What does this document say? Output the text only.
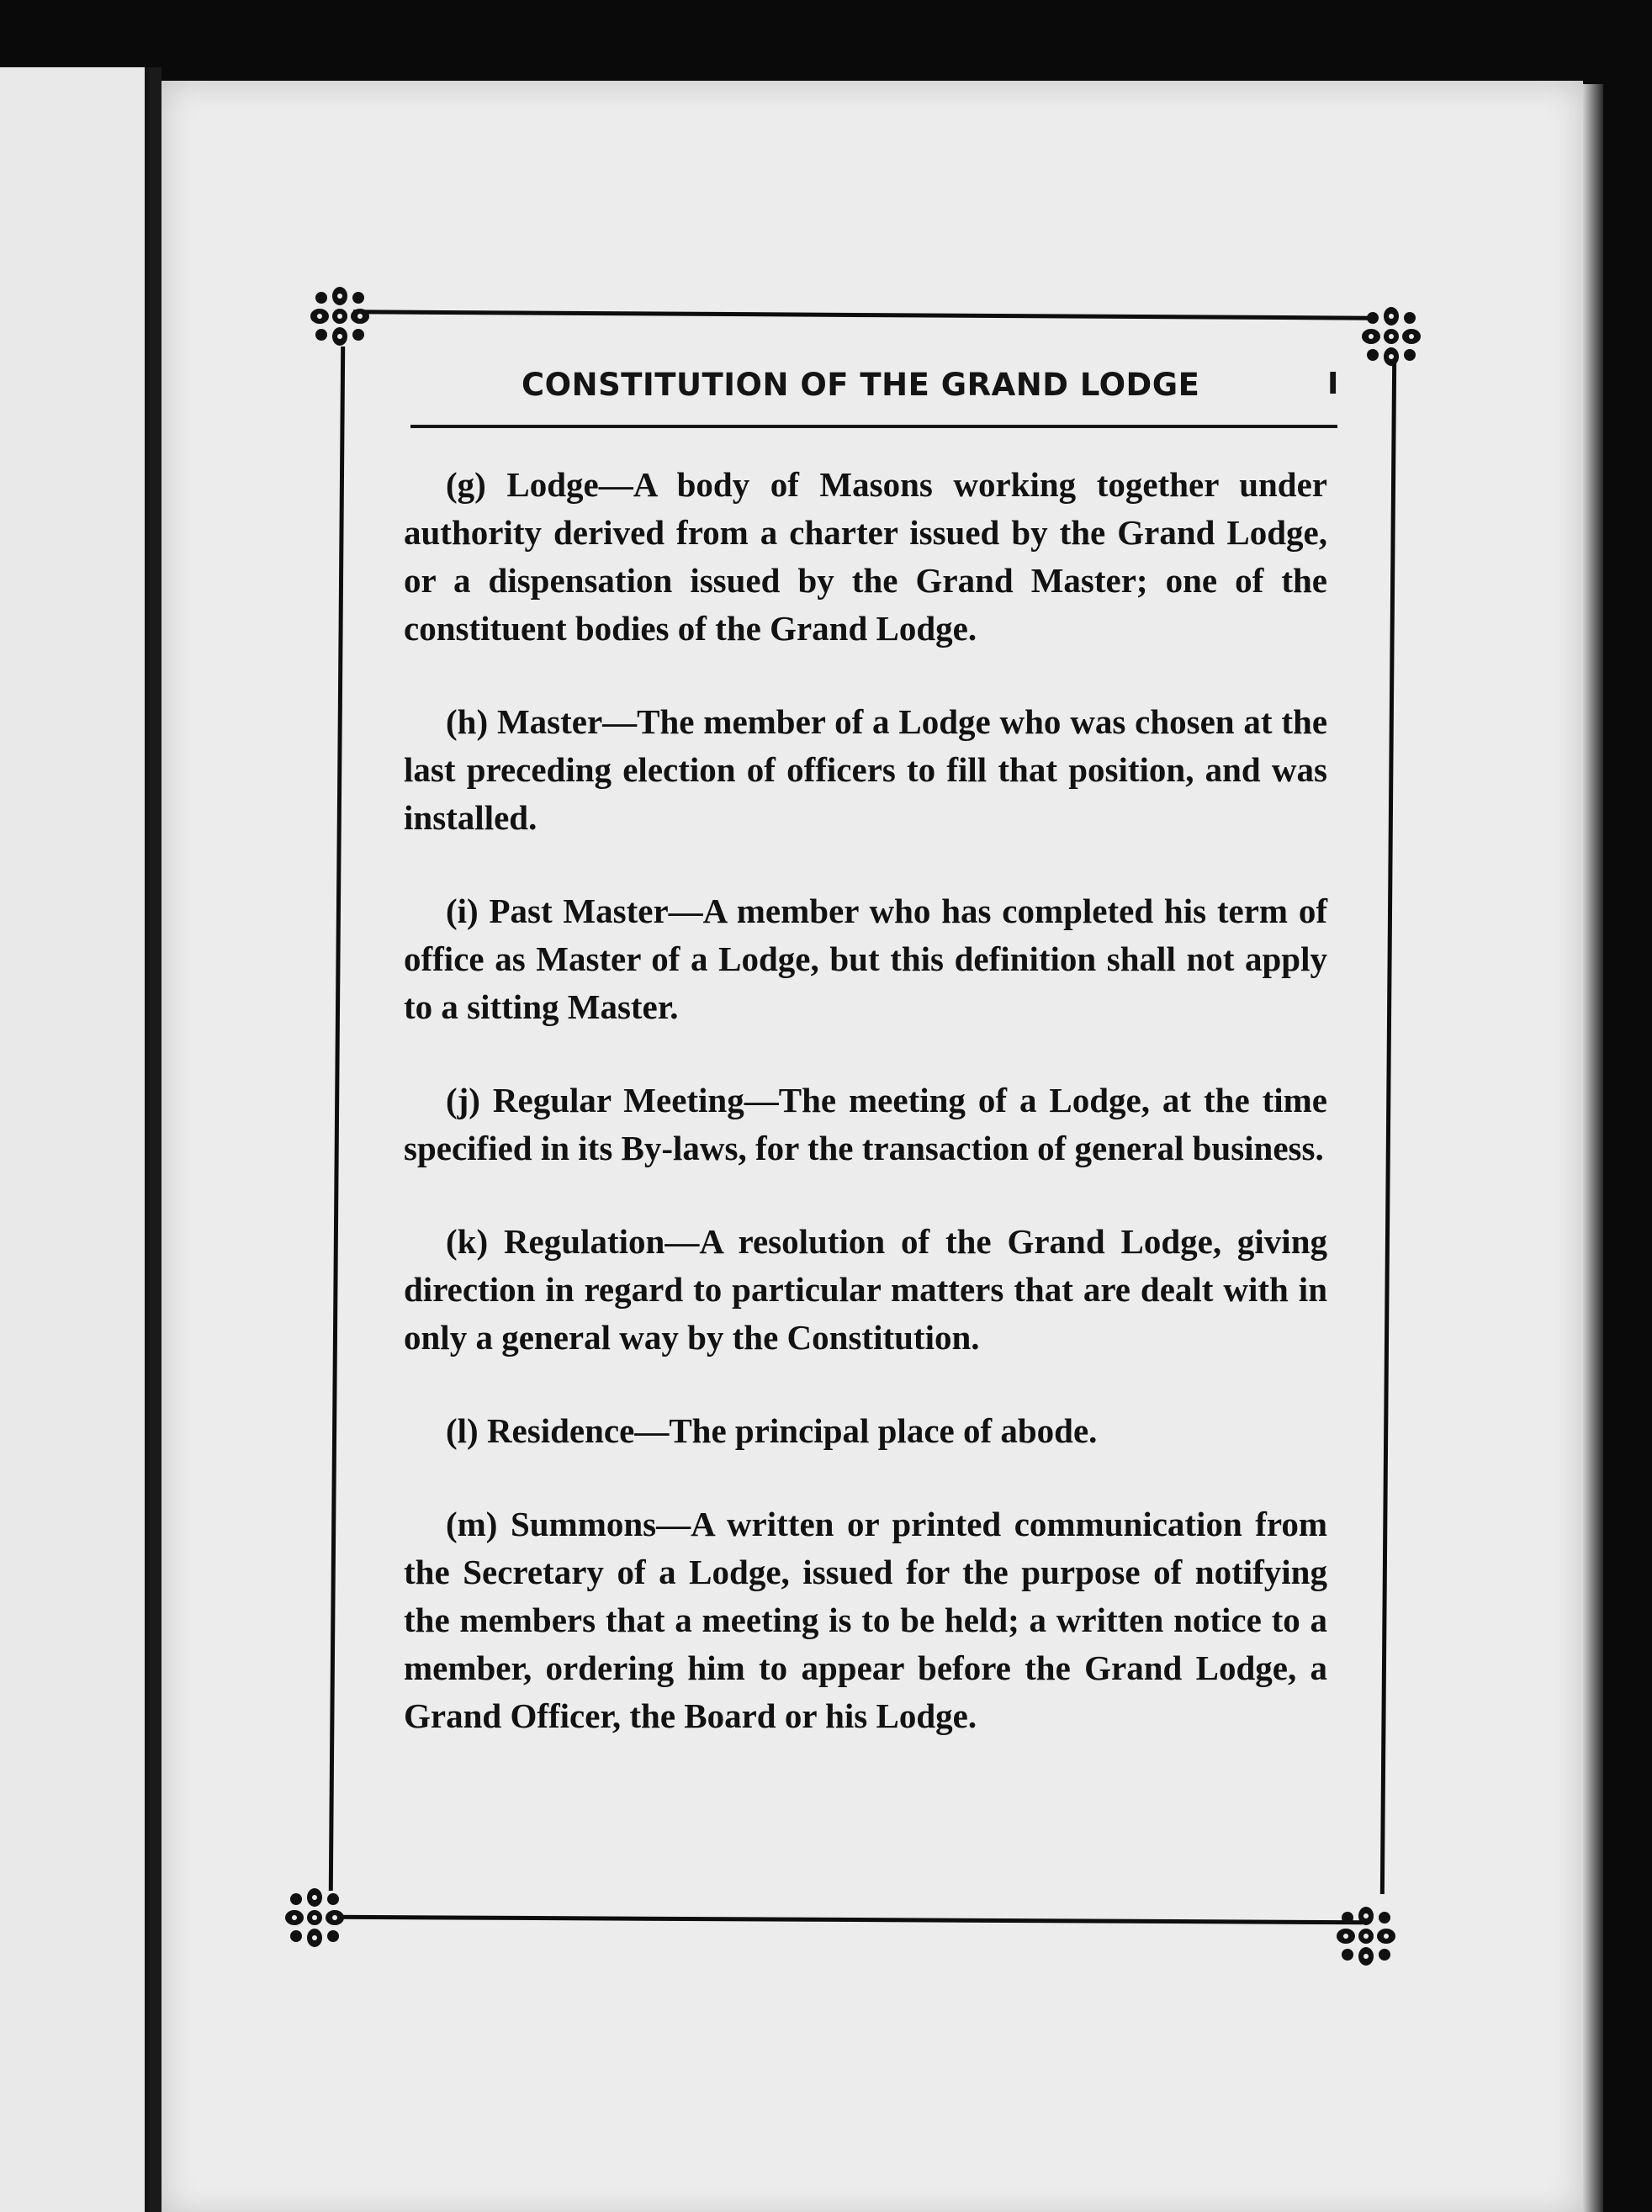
CONSTITUTION OF THE GRAND LODGE	I

(g) Lodge—A body of Masons working together under authority derived from a charter issued by the Grand Lodge, or a dispensation issued by the Grand Master; one of the constituent bodies of the Grand Lodge.

(h) Master—The member of a Lodge who was chosen at the last preceding election of officers to fill that position, and was installed.

(i) Past Master—A member who has completed his term of office as Master of a Lodge, but this definition shall not apply to a sitting Master.

(j) Regular Meeting—The meeting of a Lodge, at the time specified in its By-laws, for the transaction of general business.

(k) Regulation—A resolution of the Grand Lodge, giving direction in regard to particular matters that are dealt with in only a general way by the Constitution.

(l) Residence—The principal place of abode.

(m) Summons—A written or printed communication from the Secretary of a Lodge, issued for the purpose of notifying the members that a meeting is to be held; a written notice to a member, ordering him to appear before the Grand Lodge, a Grand Officer, the Board or his Lodge.
